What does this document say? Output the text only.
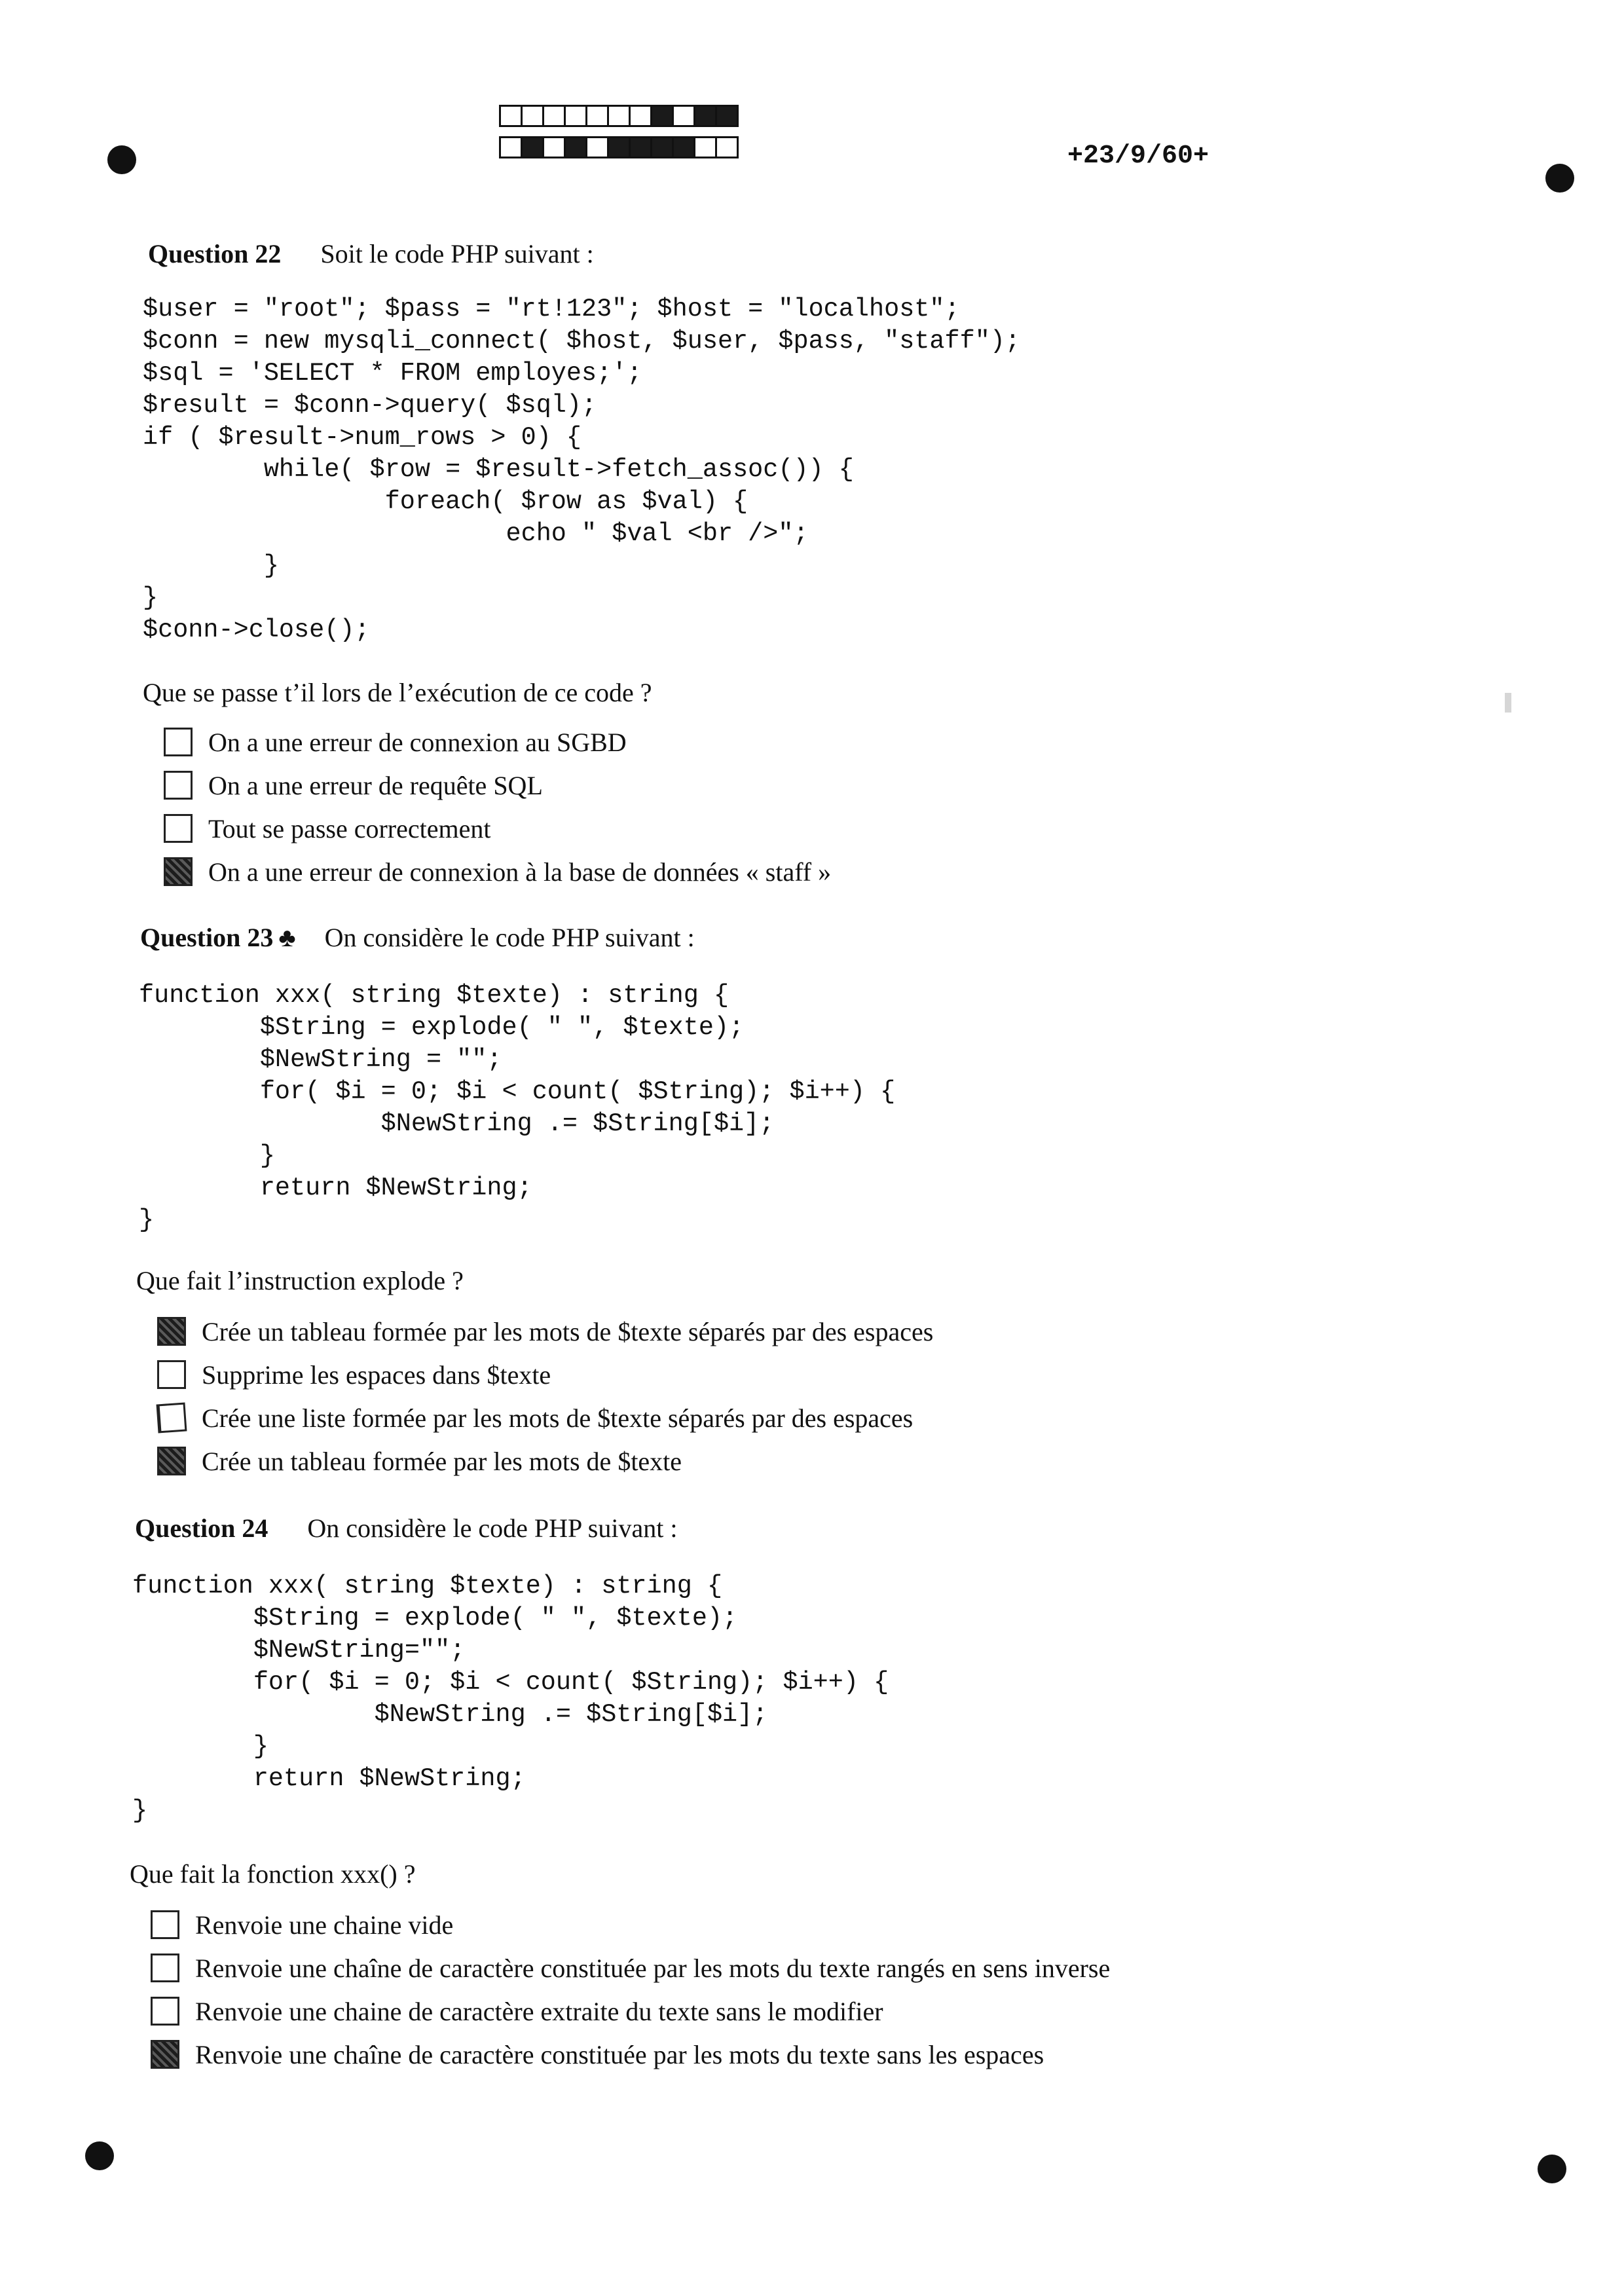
+23/9/60+
Question 22 Soit le code PHP suivant :
$user = "root"; $pass = "rt!123"; $host = "localhost";
$conn = new mysqli_connect( $host, $user, $pass, "staff");
$sql = 'SELECT * FROM employes;';
$result = $conn->query( $sql);
if ( $result->num_rows > 0) {
while( $row = $result->fetch_assoc()) {
foreach( $row as $val) {
echo " $val <br />";
}
}
$conn->close();
Que se passe t’il lors de l’exécution de ce code ?
On a une erreur de connexion au SGBD
On a une erreur de requête SQL
Tout se passe correctement
On a une erreur de connexion à la base de données « staff »
Question 23 ♣ On considère le code PHP suivant :
function xxx( string $texte) : string {
$String = explode( " ", $texte);
$NewString = "";
for( $i = 0; $i < count( $String); $i++) {
$NewString .= $String[$i];
}
return $NewString;
}
Que fait l’instruction explode ?
Crée un tableau formée par les mots de $texte séparés par des espaces
Supprime les espaces dans $texte
Crée une liste formée par les mots de $texte séparés par des espaces
Crée un tableau formée par les mots de $texte
Question 24 On considère le code PHP suivant :
function xxx( string $texte) : string {
$String = explode( " ", $texte);
$NewString="";
for( $i = 0; $i < count( $String); $i++) {
$NewString .= $String[$i];
}
return $NewString;
}
Que fait la fonction xxx() ?
Renvoie une chaine vide
Renvoie une chaîne de caractère constituée par les mots du texte rangés en sens inverse
Renvoie une chaine de caractère extraite du texte sans le modifier
Renvoie une chaîne de caractère constituée par les mots du texte sans les espaces
